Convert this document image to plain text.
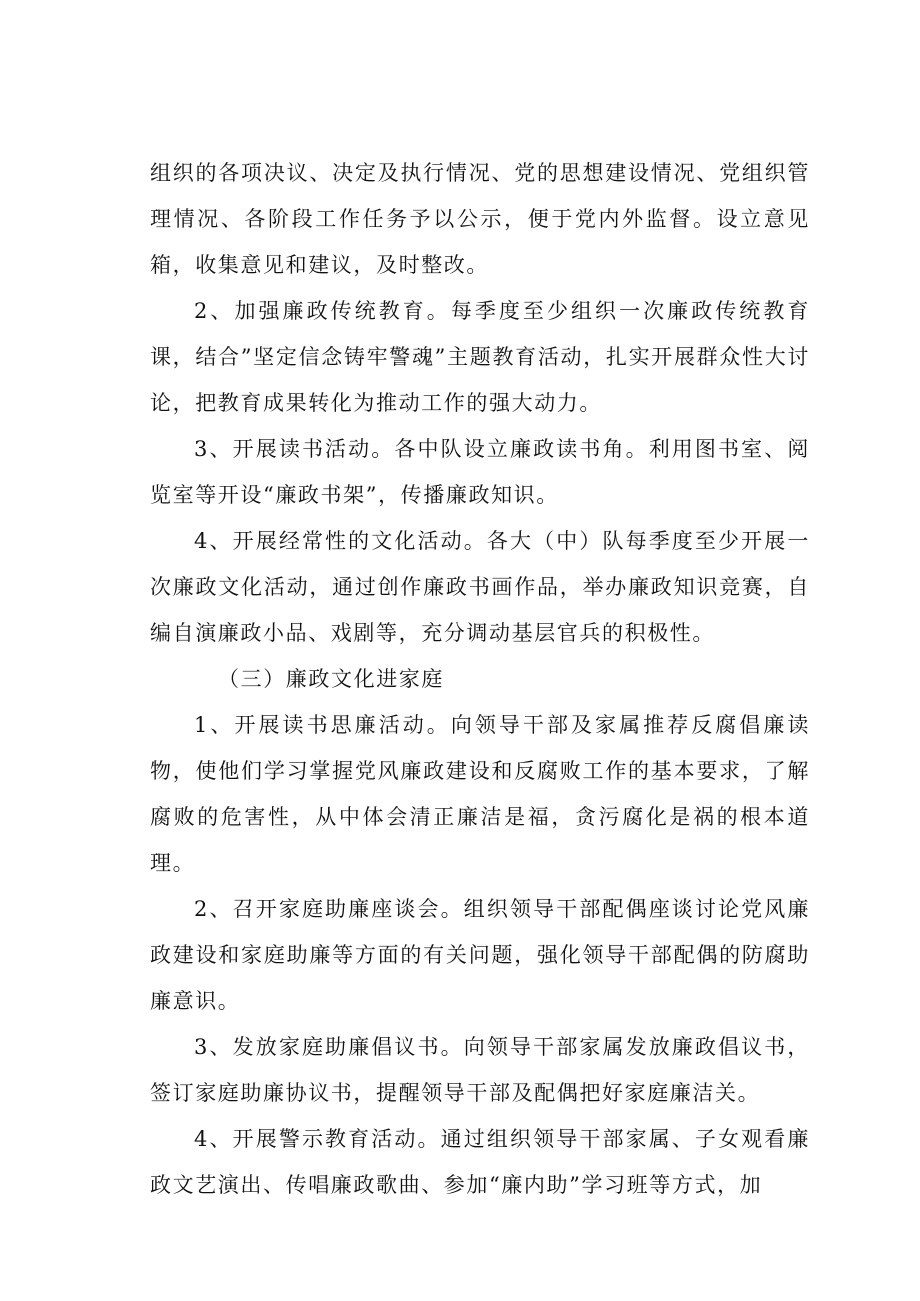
组织的各项决议、决定及执行情况、党的思想建设情况、党组织管理情况、各阶段工作任务予以公示，便于党内外监督。设立意见箱，收集意见和建议，及时整改。

2、加强廉政传统教育。每季度至少组织一次廉政传统教育课，结合”坚定信念铸牢警魂”主题教育活动，扎实开展群众性大讨论，把教育成果转化为推动工作的强大动力。

3、开展读书活动。各中队设立廉政读书角。利用图书室、阅览室等开设“廉政书架”，传播廉政知识。

4、开展经常性的文化活动。各大（中）队每季度至少开展一次廉政文化活动，通过创作廉政书画作品，举办廉政知识竞赛，自编自演廉政小品、戏剧等，充分调动基层官兵的积极性。

（三）廉政文化进家庭

1、开展读书思廉活动。向领导干部及家属推荐反腐倡廉读物，使他们学习掌握党风廉政建设和反腐败工作的基本要求，了解腐败的危害性，从中体会清正廉洁是福，贪污腐化是祸的根本道理。

2、召开家庭助廉座谈会。组织领导干部配偶座谈讨论党风廉政建设和家庭助廉等方面的有关问题，强化领导干部配偶的防腐助廉意识。

3、发放家庭助廉倡议书。向领导干部家属发放廉政倡议书，签订家庭助廉协议书，提醒领导干部及配偶把好家庭廉洁关。

4、开展警示教育活动。通过组织领导干部家属、子女观看廉政文艺演出、传唱廉政歌曲、参加“廉内助”学习班等方式，加
